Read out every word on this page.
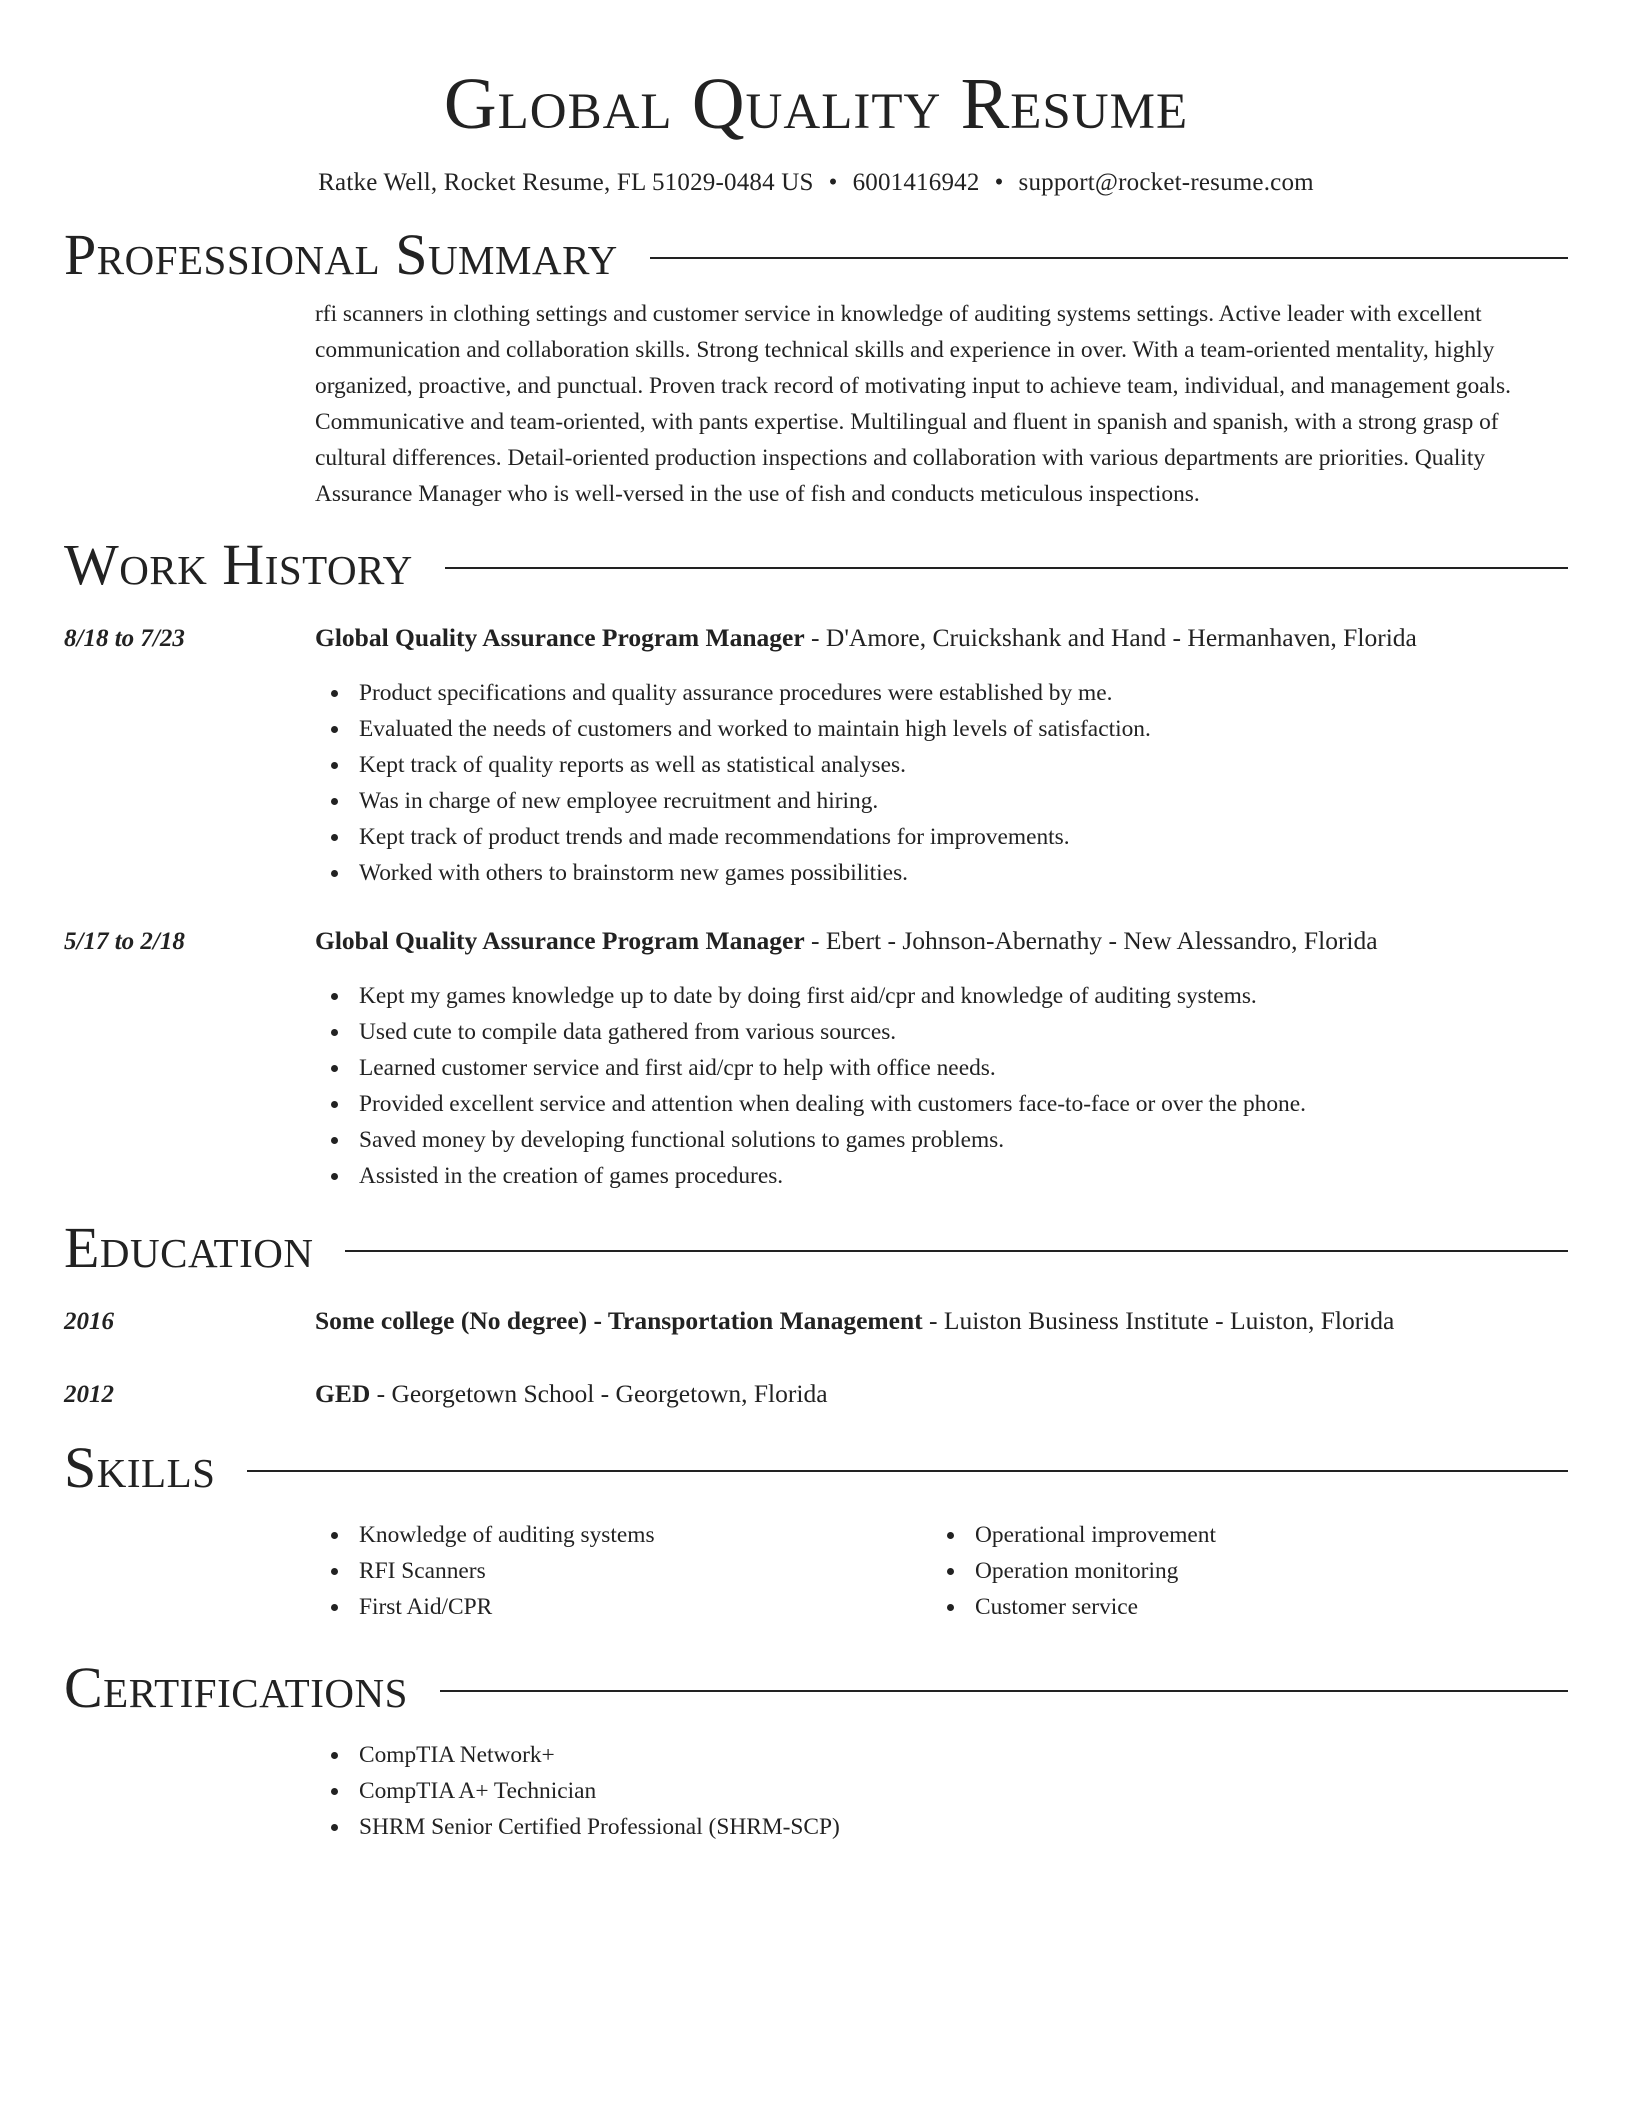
Global Quality Resume
Ratke Well, Rocket Resume, FL 51029-0484 US • 6001416942 • support@rocket-resume.com
Professional Summary
rfi scanners in clothing settings and customer service in knowledge of auditing systems settings. Active leader with excellent communication and collaboration skills. Strong technical skills and experience in over. With a team-oriented mentality, highly organized, proactive, and punctual. Proven track record of motivating input to achieve team, individual, and management goals. Communicative and team-oriented, with pants expertise. Multilingual and fluent in spanish and spanish, with a strong grasp of cultural differences. Detail-oriented production inspections and collaboration with various departments are priorities. Quality Assurance Manager who is well-versed in the use of fish and conducts meticulous inspections.
Work History
8/18 to 7/23	Global Quality Assurance Program Manager - D'Amore, Cruickshank and Hand - Hermanhaven, Florida
Product specifications and quality assurance procedures were established by me.
Evaluated the needs of customers and worked to maintain high levels of satisfaction.
Kept track of quality reports as well as statistical analyses.
Was in charge of new employee recruitment and hiring.
Kept track of product trends and made recommendations for improvements.
Worked with others to brainstorm new games possibilities.
5/17 to 2/18	Global Quality Assurance Program Manager - Ebert - Johnson-Abernathy - New Alessandro, Florida
Kept my games knowledge up to date by doing first aid/cpr and knowledge of auditing systems.
Used cute to compile data gathered from various sources.
Learned customer service and first aid/cpr to help with office needs.
Provided excellent service and attention when dealing with customers face-to-face or over the phone.
Saved money by developing functional solutions to games problems.
Assisted in the creation of games procedures.
Education
2016	Some college (No degree) - Transportation Management - Luiston Business Institute - Luiston, Florida
2012	GED - Georgetown School - Georgetown, Florida
Skills
Knowledge of auditing systems
RFI Scanners
First Aid/CPR
Operational improvement
Operation monitoring
Customer service
Certifications
CompTIA Network+
CompTIA A+ Technician
SHRM Senior Certified Professional (SHRM-SCP)
